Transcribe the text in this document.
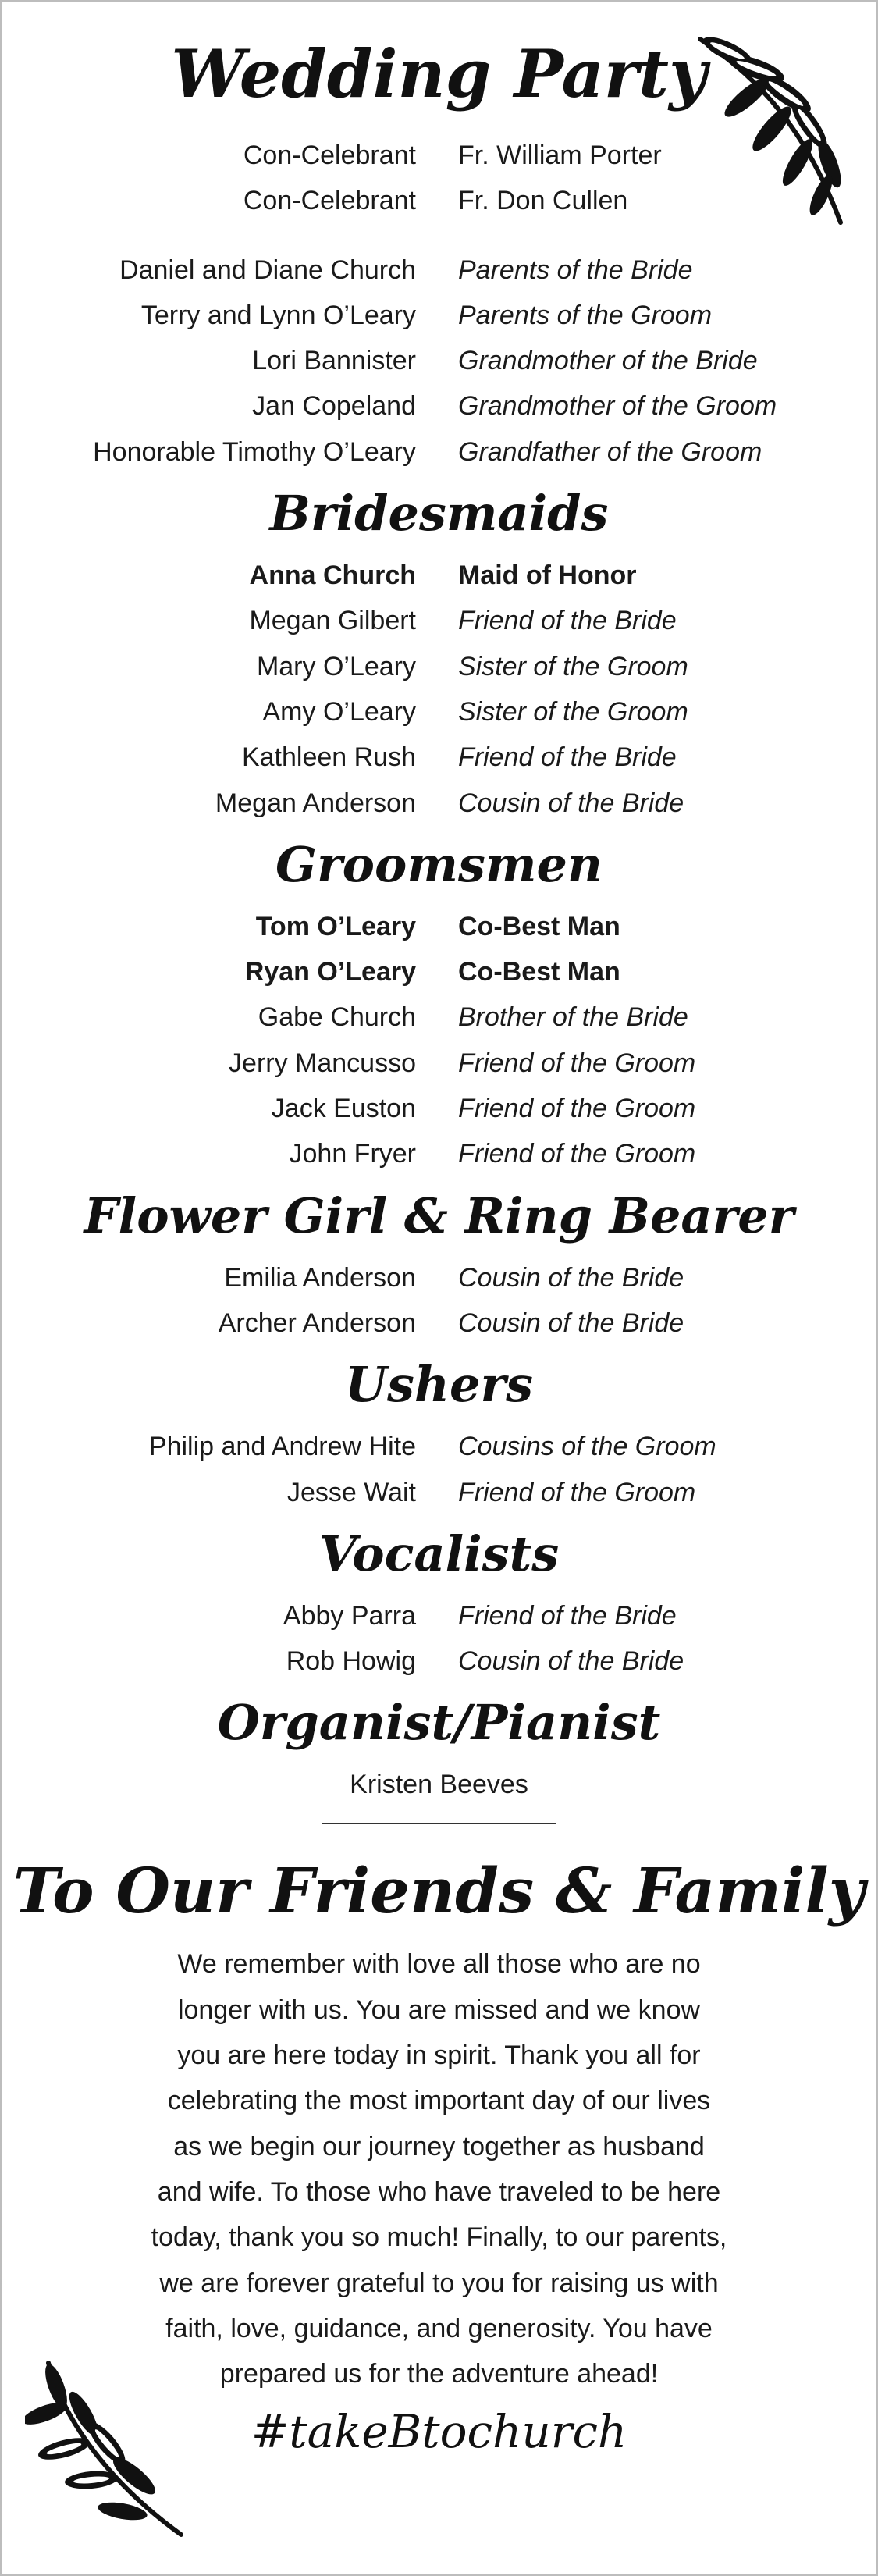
Wedding Party
Con-Celebrant Fr. William Porter
Con-Celebrant Fr. Don Cullen
Daniel and Diane Church Parents of the Bride
Terry and Lynn O’Leary Parents of the Groom
Lori Bannister Grandmother of the Bride
Jan Copeland Grandmother of the Groom
Honorable Timothy O’Leary Grandfather of the Groom
Bridesmaids
Anna Church Maid of Honor
Megan Gilbert Friend of the Bride
Mary O’Leary Sister of the Groom
Amy O’Leary Sister of the Groom
Kathleen Rush Friend of the Bride
Megan Anderson Cousin of the Bride
Groomsmen
Tom O’Leary Co-Best Man
Ryan O’Leary Co-Best Man
Gabe Church Brother of the Bride
Jerry Mancusso Friend of the Groom
Jack Euston Friend of the Groom
John Fryer Friend of the Groom
Flower Girl & Ring Bearer
Emilia Anderson Cousin of the Bride
Archer Anderson Cousin of the Bride
Ushers
Philip and Andrew Hite Cousins of the Groom
Jesse Wait Friend of the Groom
Vocalists
Abby Parra Friend of the Bride
Rob Howig Cousin of the Bride
Organist/Pianist
Kristen Beeves
To Our Friends & Family
We remember with love all those who are no
longer with us. You are missed and we know
you are here today in spirit. Thank you all for
celebrating the most important day of our lives
as we begin our journey together as husband
and wife. To those who have traveled to be here
today, thank you so much! Finally, to our parents,
we are forever grateful to you for raising us with
faith, love, guidance, and generosity. You have
prepared us for the adventure ahead!
#takeBtochurch
